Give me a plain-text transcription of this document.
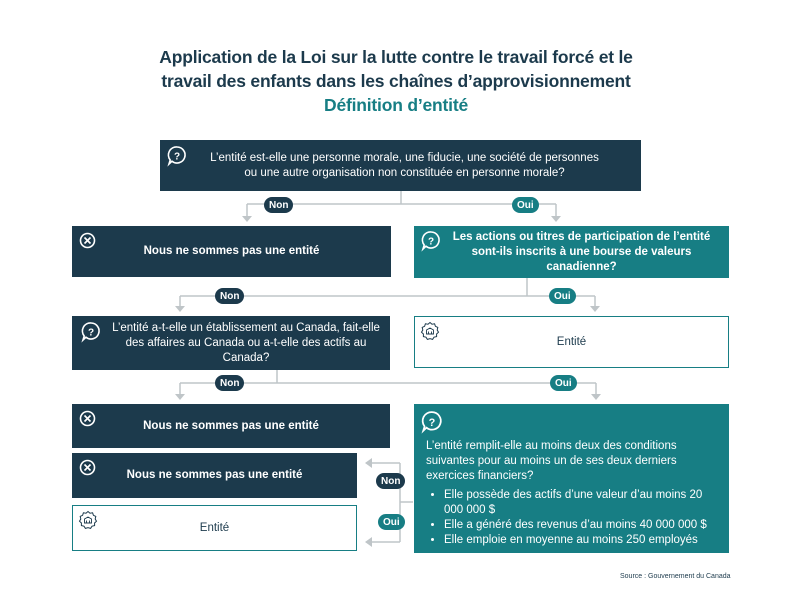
Application de la Loi sur la lutte contre le travail forcé et le
travail des enfants dans les chaînes d’approvisionnement
Définition d’entité
L’entité est-elle une personne morale, une fiducie, une société de personnes ou une autre organisation non constituée en personne morale?
?
Non	Oui
Nous ne sommes pas une entité
Les actions ou titres de participation de l’entité sont-ils inscrits à une bourse de valeurs canadienne?
?
Non	Oui
L’entité a-t-elle un établissement au Canada, fait-elle des affaires au Canada ou a-t-elle des actifs au Canada?
?
Entité
Non	Oui
Nous ne sommes pas une entité
L’entité remplit-elle au moins deux des conditions suivantes pour au moins un de ses deux derniers exercices financiers?
• Elle possède des actifs d’une valeur d’au moins 20 000 000 $
• Elle a généré des revenus d’au moins 40 000 000 $
• Elle emploie en moyenne au moins 250 employés
?
Nous ne sommes pas une entité
Entité
Non
Oui
Source : Gouvernement du Canada
